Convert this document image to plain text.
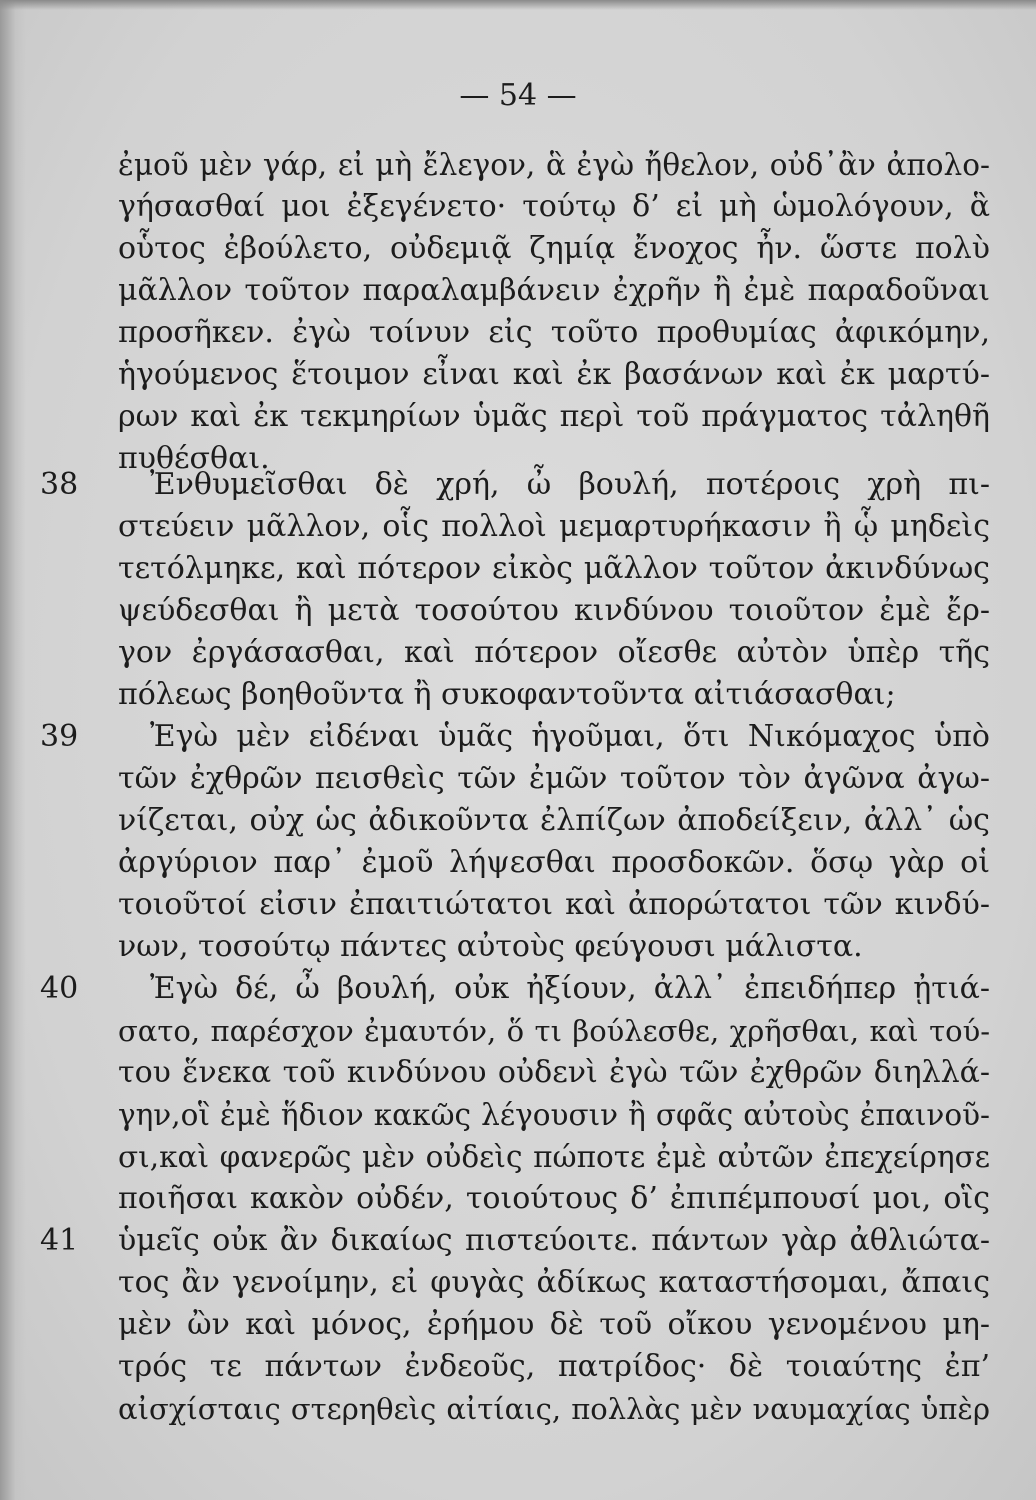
— 54 —
38
39
40
41
ἐμοῦ μὲν γάρ, εἰ μὴ ἔλεγον, ἃ ἐγὼ ἤθελον, οὐδ᾽ἂν ἀπολο-
γήσασθαί μοι ἐξεγένετο· τούτῳ δ’ εἰ μὴ ὡμολόγουν, ἃ
οὗτος ἐβούλετο, οὐδεμιᾷ ζημίᾳ ἔνοχος ἦν. ὥστε πολὺ
μᾶλλον τοῦτον παραλαμβάνειν ἐχρῆν ἢ ἐμὲ παραδοῦναι
προσῆκεν. ἐγὼ τοίνυν εἰς τοῦτο προθυμίας ἀφικόμην,
ἡγούμενος ἕτοιμον εἶναι καὶ ἐκ βασάνων καὶ ἐκ μαρτύ-
ρων καὶ ἐκ τεκμηρίων ὑμᾶς περὶ τοῦ πράγματος τἀληθῆ
πυθέσθαι.
Ἐνθυμεῖσθαι δὲ χρή, ὦ βουλή, ποτέροις χρὴ πι-
στεύειν μᾶλλον, οἷς πολλοὶ μεμαρτυρήκασιν ἢ ᾧ μηδεὶς
τετόλμηκε, καὶ πότερον εἰκὸς μᾶλλον τοῦτον ἀκινδύνως
ψεύδεσθαι ἢ μετὰ τοσούτου κινδύνου τοιοῦτον ἐμὲ ἔρ-
γον ἐργάσασθαι, καὶ πότερον οἴεσθε αὐτὸν ὑπὲρ τῆς
πόλεως βοηθοῦντα ἢ συκοφαντοῦντα αἰτιάσασθαι;
Ἐγὼ μὲν εἰδέναι ὑμᾶς ἡγοῦμαι, ὅτι Νικόμαχος ὑπὸ
τῶν ἐχθρῶν πεισθεὶς τῶν ἐμῶν τοῦτον τὸν ἀγῶνα ἀγω-
νίζεται, οὐχ ὡς ἀδικοῦντα ἐλπίζων ἀποδείξειν, ἀλλ᾽ ὡς
ἀργύριον παρ᾽ ἐμοῦ λήψεσθαι προσδοκῶν. ὅσῳ γὰρ οἱ
τοιοῦτοί εἰσιν ἐπαιτιώτατοι καὶ ἀπορώτατοι τῶν κινδύ-
νων, τοσούτῳ πάντες αὐτοὺς φεύγουσι μάλιστα.
Ἐγὼ δέ, ὦ βουλή, οὐκ ἠξίουν, ἀλλ᾽ ἐπειδήπερ ᾐτιά-
σατο, παρέσχον ἐμαυτόν, ὅ τι βούλεσθε, χρῆσθαι, καὶ τού-
του ἕνεκα τοῦ κινδύνου οὐδενὶ ἐγὼ τῶν ἐχθρῶν διηλλά-
γην,οἳ ἐμὲ ἥδιον κακῶς λέγουσιν ἢ σφᾶς αὐτοὺς ἐπαινοῦ-
σι,καὶ φανερῶς μὲν οὐδεὶς πώποτε ἐμὲ αὐτῶν ἐπεχείρησε
ποιῆσαι κακὸν οὐδέν, τοιούτους δ’ ἐπιπέμπουσί μοι, οἳς
ὑμεῖς οὐκ ἂν δικαίως πιστεύοιτε. πάντων γὰρ ἀθλιώτα-
τος ἂν γενοίμην, εἰ φυγὰς ἀδίκως καταστήσομαι, ἄπαις
μὲν ὢν καὶ μόνος, ἐρήμου δὲ τοῦ οἴκου γενομένου μη-
τρός τε πάντων ἐνδεοῦς, πατρίδος· δὲ τοιαύτης ἐπ’
αἰσχίσταις στερηθεὶς αἰτίαις, πολλὰς μὲν ναυμαχίας ὑπὲρ
